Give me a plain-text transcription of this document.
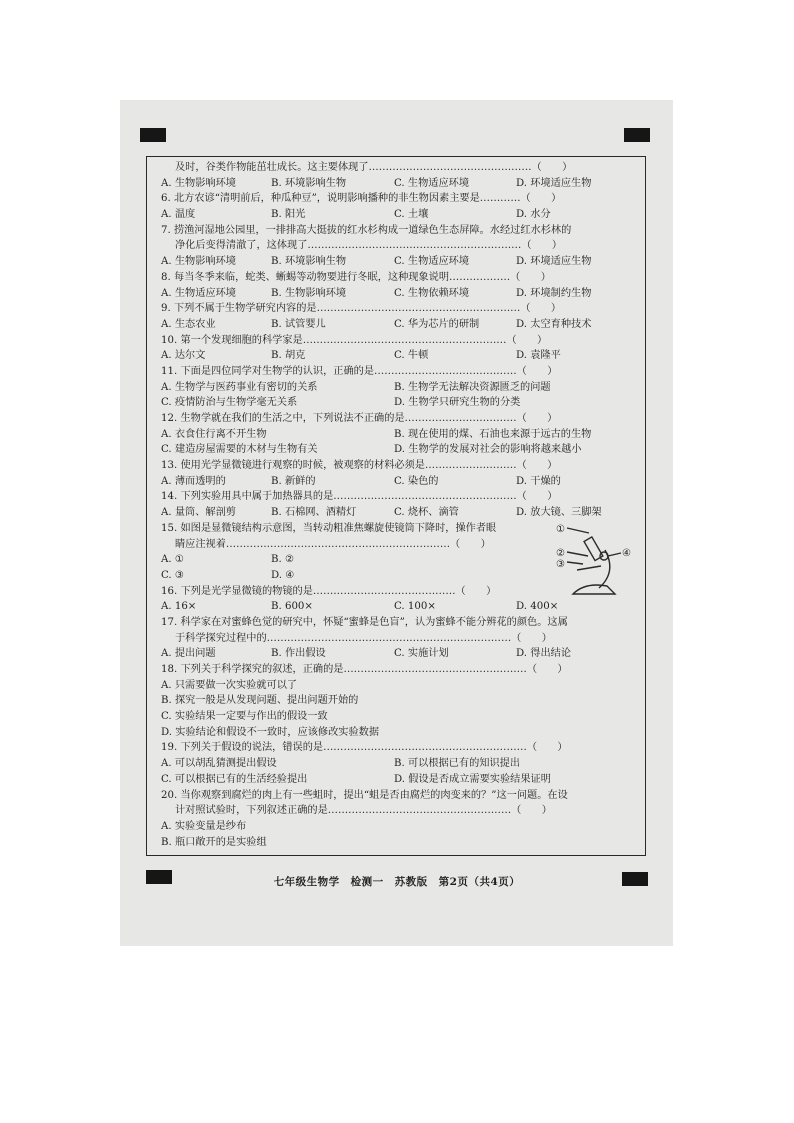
及时，谷类作物能茁壮成长。这主要体现了…………………………………………（　　）
A. 生物影响环境	B. 环境影响生物	C. 生物适应环境	D. 环境适应生物
6. 北方农谚“清明前后，种瓜种豆”，说明影响播种的非生物因素主要是…………（　　）
A. 温度	B. 阳光	C. 土壤	D. 水分
7. 捞渔河湿地公园里，一排排高大挺拔的红水杉构成一道绿色生态屏障。水经过红水杉林的
净化后变得清澈了，这体现了………………………………………………………（　　）
A. 生物影响环境	B. 环境影响生物	C. 生物适应环境	D. 环境适应生物
8. 每当冬季来临，蛇类、蜥蜴等动物要进行冬眠，这种现象说明………………（　　）
A. 生物适应环境	B. 生物影响环境	C. 生物依赖环境	D. 环境制约生物
9. 下列不属于生物学研究内容的是……………………………………………………（　　）
A. 生态农业	B. 试管婴儿	C. 华为芯片的研制	D. 太空育种技术
10. 第一个发现细胞的科学家是……………………………………………………（　　）
A. 达尔文	B. 胡克	C. 牛顿	D. 袁隆平
11. 下面是四位同学对生物学的认识，正确的是……………………………………（　　）
A. 生物学与医药事业有密切的关系	B. 生物学无法解决资源匮乏的问题
C. 疫情防治与生物学毫无关系	D. 生物学只研究生物的分类
12. 生物学就在我们的生活之中，下列说法不正确的是……………………………（　　）
A. 衣食住行离不开生物	B. 现在使用的煤、石油也来源于远古的生物
C. 建造房屋需要的木材与生物有关	D. 生物学的发展对社会的影响将越来越小
13. 使用光学显微镜进行观察的时候，被观察的材料必须是………………………（　　）
A. 薄而透明的	B. 新鲜的	C. 染色的	D. 干燥的
14. 下列实验用具中属于加热器具的是………………………………………………（　　）
A. 量筒、解剖剪	B. 石棉网、酒精灯	C. 烧杯、滴管	D. 放大镜、三脚架
15. 如图是显微镜结构示意图，当转动粗准焦螺旋使镜筒下降时，操作者眼
睛应注视着…………………………………………………………（　　）
A. ①	B. ②
C. ③	D. ④
16. 下列是光学显微镜的物镜的是……………………………………（　　）
A. 16×	B. 600×	C. 100×	D. 400×
17. 科学家在对蜜蜂色觉的研究中，怀疑“蜜蜂是色盲”，认为蜜蜂不能分辨花的颜色。这属
于科学探究过程中的………………………………………………………………（　　）
A. 提出问题	B. 作出假设	C. 实施计划	D. 得出结论
18. 下列关于科学探究的叙述，正确的是………………………………………………（　　）
A. 只需要做一次实验就可以了
B. 探究一般是从发现问题、提出问题开始的
C. 实验结果一定要与作出的假设一致
D. 实验结论和假设不一致时，应该修改实验数据
19. 下列关于假设的说法，错误的是……………………………………………………（　　）
A. 可以胡乱猜测提出假设	B. 可以根据已有的知识提出
C. 可以根据已有的生活经验提出	D. 假设是否成立需要实验结果证明
20. 当你观察到腐烂的肉上有一些蛆时，提出“蛆是否由腐烂的肉变来的？”这一问题。在设
计对照试验时，下列叙述正确的是………………………………………………（　　）
A. 实验变量是纱布
B. 瓶口敞开的是实验组
①
②
③
④
七年级生物学　检测一　苏教版　第2页（共4页）
